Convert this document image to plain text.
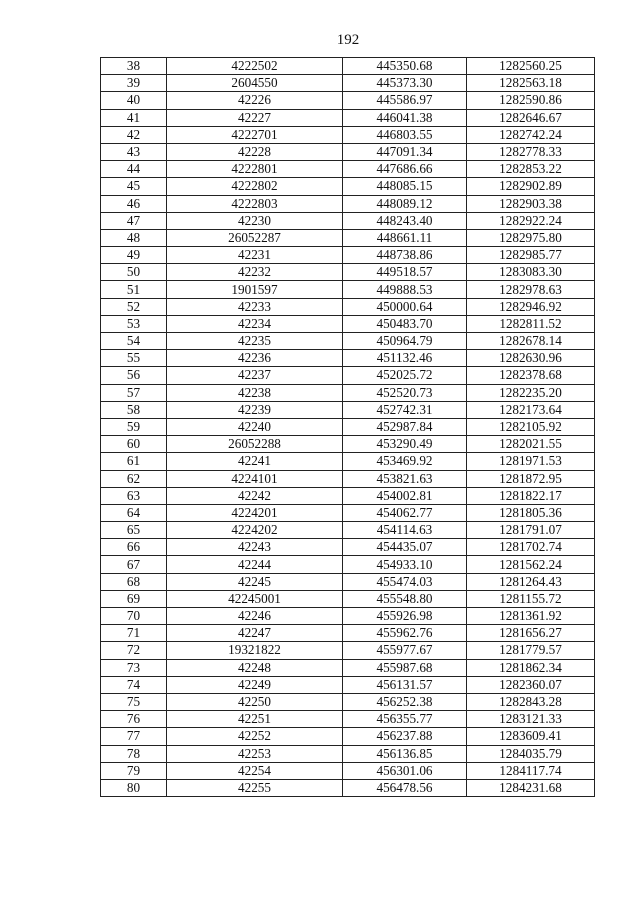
192
38	4222502	445350.68	1282560.25
39	2604550	445373.30	1282563.18
40	42226	445586.97	1282590.86
41	42227	446041.38	1282646.67
42	4222701	446803.55	1282742.24
43	42228	447091.34	1282778.33
44	4222801	447686.66	1282853.22
45	4222802	448085.15	1282902.89
46	4222803	448089.12	1282903.38
47	42230	448243.40	1282922.24
48	26052287	448661.11	1282975.80
49	42231	448738.86	1282985.77
50	42232	449518.57	1283083.30
51	1901597	449888.53	1282978.63
52	42233	450000.64	1282946.92
53	42234	450483.70	1282811.52
54	42235	450964.79	1282678.14
55	42236	451132.46	1282630.96
56	42237	452025.72	1282378.68
57	42238	452520.73	1282235.20
58	42239	452742.31	1282173.64
59	42240	452987.84	1282105.92
60	26052288	453290.49	1282021.55
61	42241	453469.92	1281971.53
62	4224101	453821.63	1281872.95
63	42242	454002.81	1281822.17
64	4224201	454062.77	1281805.36
65	4224202	454114.63	1281791.07
66	42243	454435.07	1281702.74
67	42244	454933.10	1281562.24
68	42245	455474.03	1281264.43
69	42245001	455548.80	1281155.72
70	42246	455926.98	1281361.92
71	42247	455962.76	1281656.27
72	19321822	455977.67	1281779.57
73	42248	455987.68	1281862.34
74	42249	456131.57	1282360.07
75	42250	456252.38	1282843.28
76	42251	456355.77	1283121.33
77	42252	456237.88	1283609.41
78	42253	456136.85	1284035.79
79	42254	456301.06	1284117.74
80	42255	456478.56	1284231.68
